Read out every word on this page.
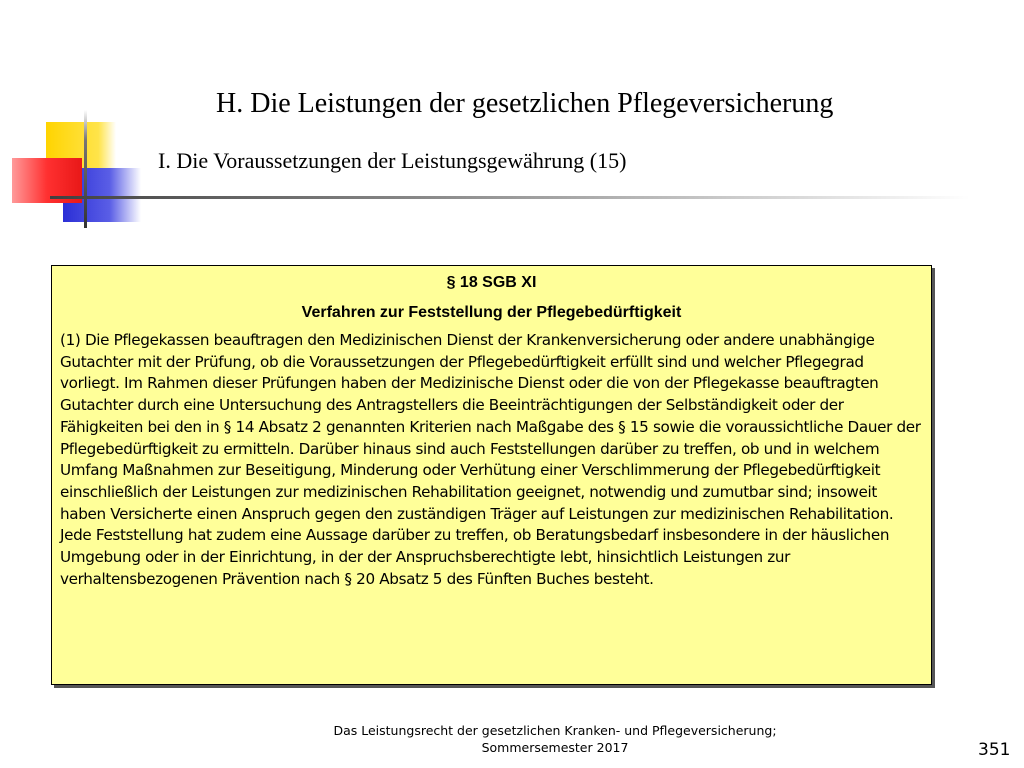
H. Die Leistungen der gesetzlichen Pflegeversicherung
I. Die Voraussetzungen der Leistungsgewährung (15)

§ 18 SGB XI

Verfahren zur Feststellung der Pflegebedürftigkeit

(1) Die Pflegekassen beauftragen den Medizinischen Dienst der Krankenversicherung oder andere unabhängige Gutachter mit der Prüfung, ob die Voraussetzungen der Pflegebedürftigkeit erfüllt sind und welcher Pflegegrad vorliegt. Im Rahmen dieser Prüfungen haben der Medizinische Dienst oder die von der Pflegekasse beauftragten Gutachter durch eine Untersuchung des Antragstellers die Beeinträchtigungen der Selbständigkeit oder der Fähigkeiten bei den in § 14 Absatz 2 genannten Kriterien nach Maßgabe des § 15 sowie die voraussichtliche Dauer der Pflegebedürftigkeit zu ermitteln. Darüber hinaus sind auch Feststellungen darüber zu treffen, ob und in welchem Umfang Maßnahmen zur Beseitigung, Minderung oder Verhütung einer Verschlimmerung der Pflegebedürftigkeit einschließlich der Leistungen zur medizinischen Rehabilitation geeignet, notwendig und zumutbar sind; insoweit haben Versicherte einen Anspruch gegen den zuständigen Träger auf Leistungen zur medizinischen Rehabilitation. Jede Feststellung hat zudem eine Aussage darüber zu treffen, ob Beratungsbedarf insbesondere in der häuslichen Umgebung oder in der Einrichtung, in der der Anspruchsberechtigte lebt, hinsichtlich Leistungen zur verhaltensbezogenen Prävention nach § 20 Absatz 5 des Fünften Buches besteht.

Das Leistungsrecht der gesetzlichen Kranken- und Pflegeversicherung;
Sommersemester 2017	351
